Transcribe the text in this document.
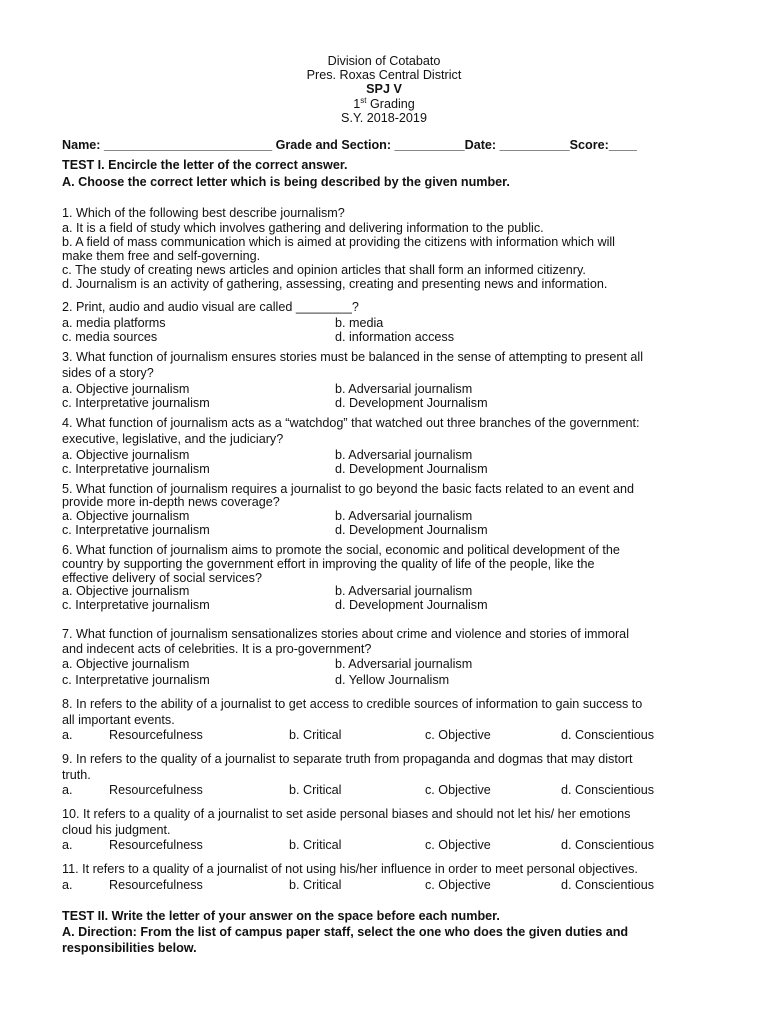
Division of Cotabato
Pres. Roxas Central District
SPJ V
1st Grading
S.Y. 2018-2019
Name: ________________________ Grade and Section: __________Date: __________Score:____
TEST I. Encircle the letter of the correct answer.
A. Choose the correct letter which is being described by the given number.
1. Which of the following best describe journalism?
a. It is a field of study which involves gathering and delivering information to the public.
b. A field of mass communication which is aimed at providing the citizens with information which will
make them free and self-governing.
c. The study of creating news articles and opinion articles that shall form an informed citizenry.
d. Journalism is an activity of gathering, assessing, creating and presenting news and information.
2. Print, audio and audio visual are called ________?
a. media platforms	b. media
c. media sources	d. information access
3. What function of journalism ensures stories must be balanced in the sense of attempting to present all
sides of a story?
a. Objective journalism	b. Adversarial journalism
c. Interpretative journalism	d. Development Journalism
4. What function of journalism acts as a “watchdog” that watched out three branches of the government:
executive, legislative, and the judiciary?
a. Objective journalism	b. Adversarial journalism
c. Interpretative journalism	d. Development Journalism
5. What function of journalism requires a journalist to go beyond the basic facts related to an event and
provide more in-depth news coverage?
a. Objective journalism	b. Adversarial journalism
c. Interpretative journalism	d. Development Journalism
6. What function of journalism aims to promote the social, economic and political development of the
country by supporting the government effort in improving the quality of life of the people, like the
effective delivery of social services?
a. Objective journalism	b. Adversarial journalism
c. Interpretative journalism	d. Development Journalism
7. What function of journalism sensationalizes stories about crime and violence and stories of immoral
and indecent acts of celebrities. It is a pro-government?
a. Objective journalism	b. Adversarial journalism
c. Interpretative journalism	d. Yellow Journalism
8. In refers to the ability of a journalist to get access to credible sources of information to gain success to
all important events.
a.	Resourcefulness	b. Critical	c. Objective	d. Conscientious
9. In refers to the quality of a journalist to separate truth from propaganda and dogmas that may distort
truth.
a.	Resourcefulness	b. Critical	c. Objective	d. Conscientious
10. It refers to a quality of a journalist to set aside personal biases and should not let his/ her emotions
cloud his judgment.
a.	Resourcefulness	b. Critical	c. Objective	d. Conscientious
11. It refers to a quality of a journalist of not using his/her influence in order to meet personal objectives.
a.	Resourcefulness	b. Critical	c. Objective	d. Conscientious
TEST II. Write the letter of your answer on the space before each number.
A. Direction: From the list of campus paper staff, select the one who does the given duties and
responsibilities below.
